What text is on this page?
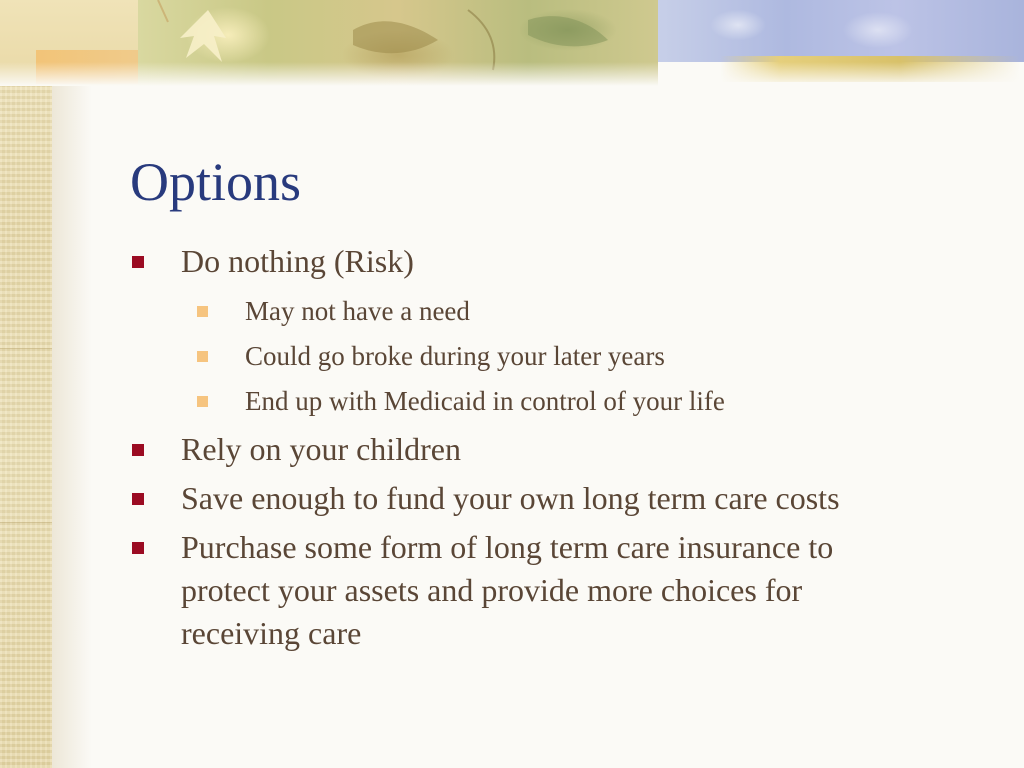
Options
Do nothing (Risk)
May not have a need
Could go broke during your later years
End up with Medicaid in control of your life
Rely on your children
Save enough to fund your own long term care costs
Purchase some form of long term care insurance to protect your assets and provide more choices for receiving care
